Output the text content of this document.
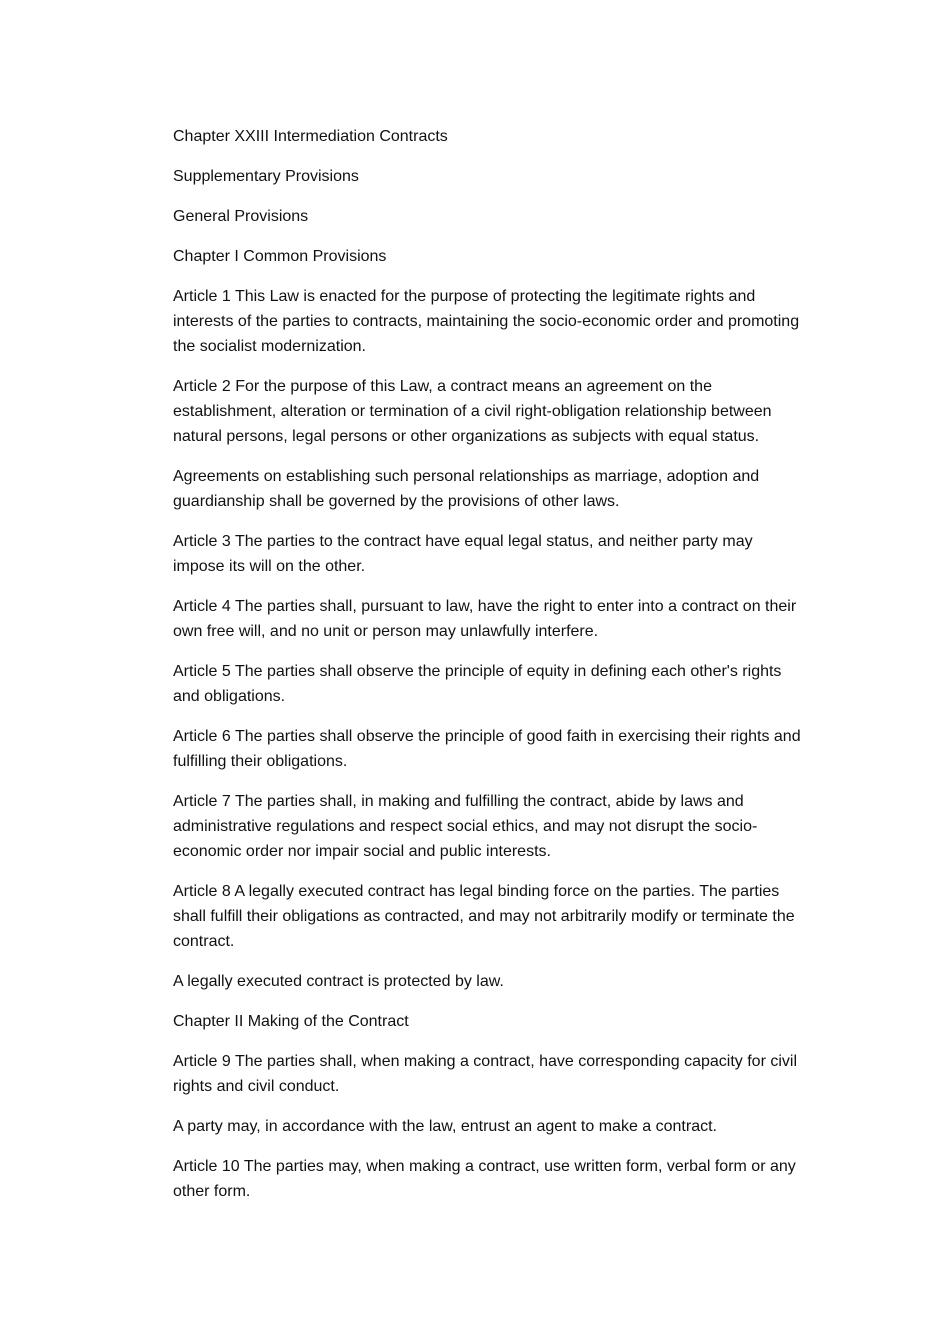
Chapter XXIII Intermediation Contracts

Supplementary Provisions

General Provisions

Chapter I Common Provisions

Article 1 This Law is enacted for the purpose of protecting the legitimate rights and interests of the parties to contracts, maintaining the socio-economic order and promoting the socialist modernization.

Article 2 For the purpose of this Law, a contract means an agreement on the establishment, alteration or termination of a civil right-obligation relationship between natural persons, legal persons or other organizations as subjects with equal status.

Agreements on establishing such personal relationships as marriage, adoption and guardianship shall be governed by the provisions of other laws.

Article 3 The parties to the contract have equal legal status, and neither party may impose its will on the other.

Article 4 The parties shall, pursuant to law, have the right to enter into a contract on their own free will, and no unit or person may unlawfully interfere.

Article 5 The parties shall observe the principle of equity in defining each other's rights and obligations.

Article 6 The parties shall observe the principle of good faith in exercising their rights and fulfilling their obligations.

Article 7 The parties shall, in making and fulfilling the contract, abide by laws and administrative regulations and respect social ethics, and may not disrupt the socio-economic order nor impair social and public interests.

Article 8 A legally executed contract has legal binding force on the parties. The parties shall fulfill their obligations as contracted, and may not arbitrarily modify or terminate the contract.

A legally executed contract is protected by law.

Chapter II Making of the Contract

Article 9 The parties shall, when making a contract, have corresponding capacity for civil rights and civil conduct.

A party may, in accordance with the law, entrust an agent to make a contract.

Article 10 The parties may, when making a contract, use written form, verbal form or any other form.
